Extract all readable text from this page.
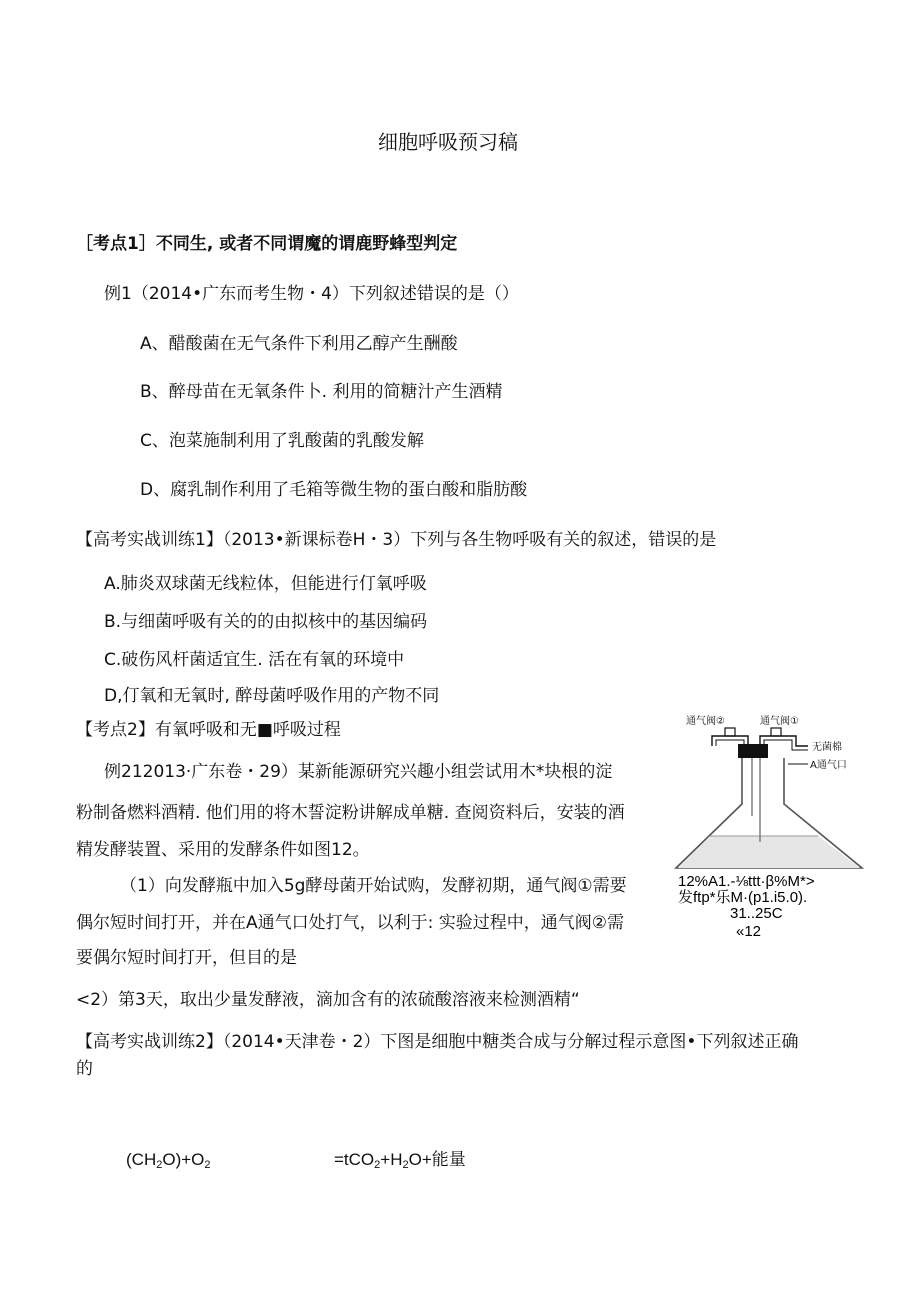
细胞呼吸预习稿
［考点1］不同生, 或者不同谓魔的谓鹿野蜂型判定
例1（2014•广东而考生物・4）下列叙述错误的是（）
A、醋酸菌在无气条件下利用乙醇产生酬酸
B、醉母苗在无氧条件卜. 利用的简糖汁产生酒精
C、泡菜施制利用了乳酸菌的乳酸发解
D、腐乳制作利用了毛箱等微生物的蛋白酸和脂肪酸
【高考实战训练1】（2013•新课标卷H・3）下列与各生物呼吸有关的叙述，错误的是
A.肺炎双球菌无线粒体，但能进行仃氧呼吸
B.与细菌呼吸有关的的由拟核中的基因编码
C.破伤风杆菌适宜生. 活在有氧的环境中
D,仃氧和无氧时, 醉母菌呼吸作用的产物不同
【考点2】有氧呼吸和无■呼吸过程
例212013·广东卷・29）某新能源研究兴趣小组尝试用木*块根的淀
粉制备燃料酒精. 他们用的将木誓淀粉讲解成单糖. 查阅资料后，安装的酒
精发酵装置、采用的发酵条件如图12。
（1）向发酵瓶中加入5g酵母菌开始试购，发酵初期，通气阀①需要
偶尔短时间打开，并在A通气口处打气，以利于: 实验过程中，通气阀②需
要偶尔短时间打开，但目的是
<2）第3天，取出少量发酵液，滴加含有的浓硫酸溶液来检测酒精“
【高考实战训练2】（2014•天津卷・2）下图是细胞中糖类合成与分解过程示意图•下列叙述正确
的
$(CH_2O)+O_2$	$=tCO_2+H_2O+$能量
通气阀②	通气阀①
无菌棉
A通气口
12%A1.-⅛ttt·β%M*>
发ftp*乐M·(p1.i5.0).
31..25C
«12
